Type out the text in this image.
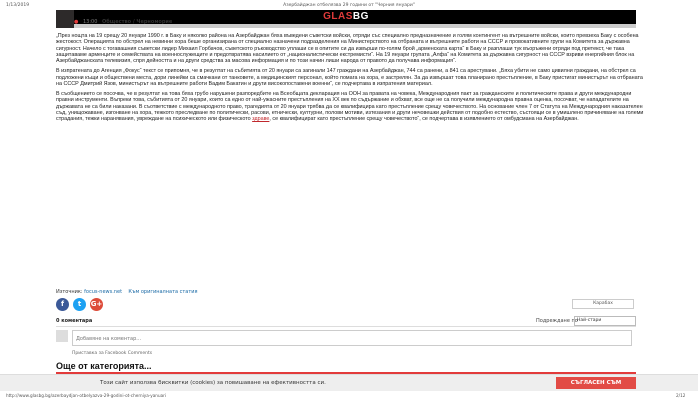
1/13/2019	Азербайджан отбелязва 29 години от "Черния януари"
GLASBG
● 13:00 Общество / Черноморие

„През нощта на 19 срещу 20 януари 1990 г. в Баку и няколко района на Азербайджан бяха въведени съветски войски, отряди със специално предназначение и голям контингент на вътрешните войски, които превзеха Баку с особена жестокост. Операцията по обстрел на невинни хора беше организирана от специално назначени подразделения на Министерството на отбраната и вътрешните работи на СССР и провокативните групи на Комитета за държавна сигурност. Начело с тогавашния съветски лидер Михаил Горбачов, съветското ръководство уплаши се в опитите си да извърши по-голям брой „арменската карта“ в Баку и разплаши тук въоръжени отряди под претекст, че така защитаваме арменците и семействата на военнослужещите и предотвратява насилието от „националистически екстремисти“. На 19 януари групата „Алфа“ на Комитета за държавна сигурност на СССР взриви енергийния блок на Азербайджанската телевизия, спря дейността и на други средства за масова информация и по този начин лиши народа от правото да получава информация“.

В изпратената до Агенция „Фокус“ текст се припомня, че в резултат на събитията от 20 януари са загинали 147 граждани на Азербайджан, 744 са ранени, а 841 са арестувани. „Бяха убити не само цивилни граждани, на обстрел са подложени къщи и обществени места, дори линейки са смачкани от танковете, а медицинският персонал, който помага на хора, е застрелян. За да извършат това планирано престъпление, в Баку пристигат министърът на отбраната на СССР Дмитрий Язов, министърът на вътрешните работи Вадим Бакатин и други високопоставени военни“, се подчертава в изпратения материал.

В съобщението се посочва, че в резултат на това бяха грубо нарушени разпоредбите на Всеобщата декларация на ООН за правата на човека, Международния пакт за гражданските и политическите права и други международни правни инструменти. Въпреки това, събитията от 20 януари, които са едно от най-ужасните престъпления на XX век по съдържание и обхват, все още не са получили международна правна оценка, посочват, че нападателите на държавата не са били наказани. В съответствие с международното право, трагедията от 20 януари трябва да се квалифицира като престъпление срещу човечеството. На основание член 7 от Статута на Международния наказателен съд, унищожаване, изгонване на хора, тежкото преследване по политически, расови, етнически, културни, полови мотиви, изтезания и други нечовешки действия от подобно естество, състоящи се в умишлено причиняване на големи страдания, тежки наранявания, увреждане на психическото или физическото здраве, се квалифицират като престъпление срещу човечеството“, се подчертава в изявлението от омбудсмана на Азербайджан.

Източник: focus-news.net Към оригиналната статия
f	t	G+	Карабах
0 коментара	Подреждане по Най-стари
Добавяне на коментар...
Приставка за Facebook Comments
Още от категорията...
Този сайт използва бисквитки (cookies) за повишаване на ефективността си.	СЪГЛАСЕН СЪМ
http://www.glasbg.bg/azerbaydjan-otbelyazva-29-godini-ot-cherniya-yanuari	2/12
